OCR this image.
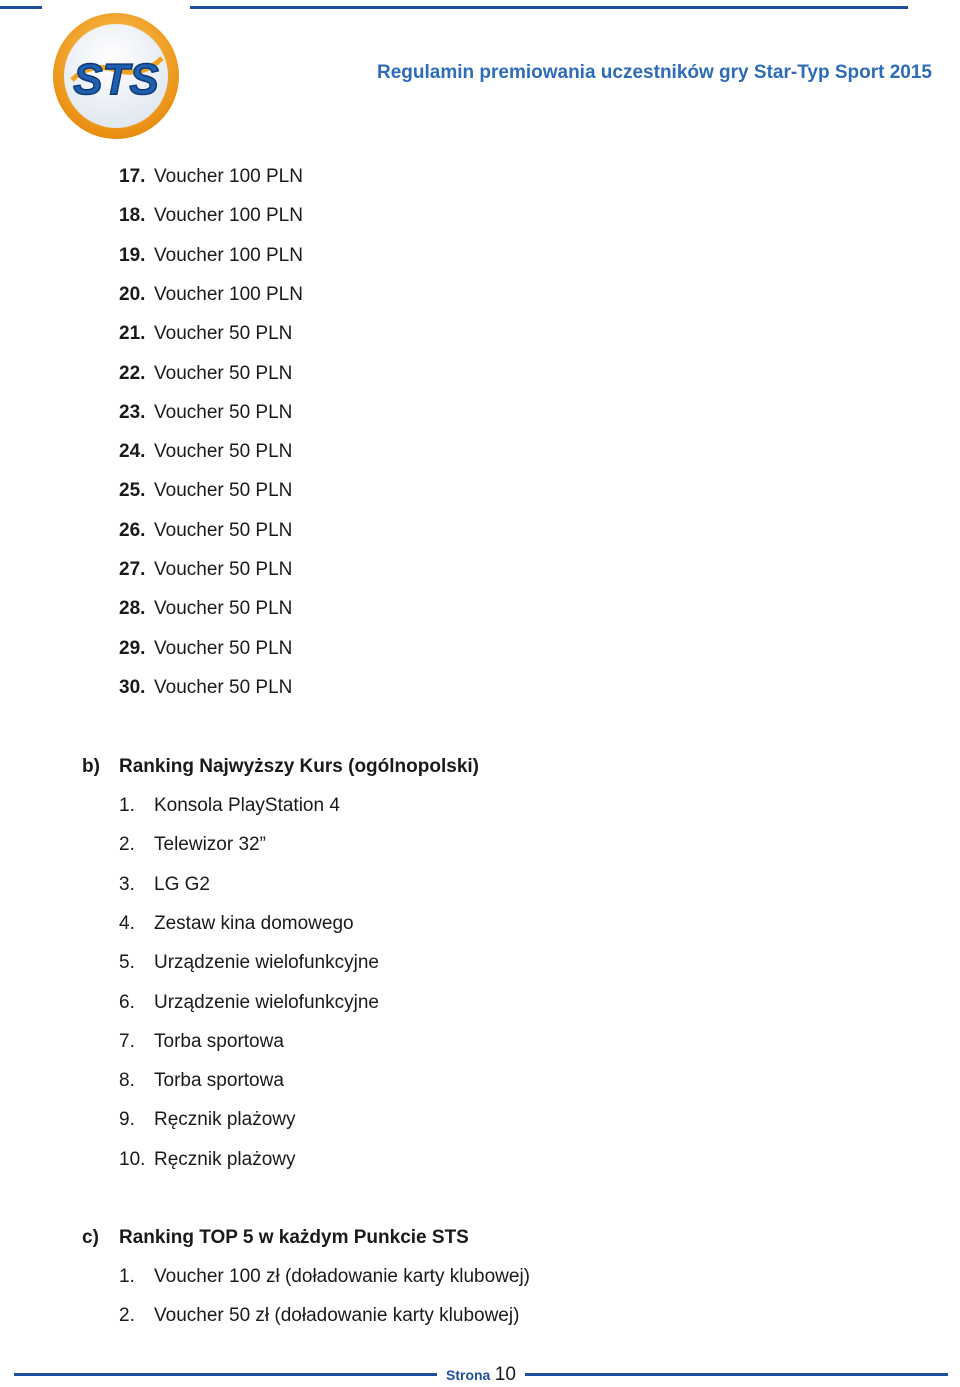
STS	Regulamin premiowania uczestników gry Star-Typ Sport 2015
17. Voucher 100 PLN
18. Voucher 100 PLN
19. Voucher 100 PLN
20. Voucher 100 PLN
21. Voucher 50 PLN
22. Voucher 50 PLN
23. Voucher 50 PLN
24. Voucher 50 PLN
25. Voucher 50 PLN
26. Voucher 50 PLN
27. Voucher 50 PLN
28. Voucher 50 PLN
29. Voucher 50 PLN
30. Voucher 50 PLN
b) Ranking Najwyższy Kurs (ogólnopolski)
1. Konsola PlayStation 4
2. Telewizor 32”
3. LG G2
4. Zestaw kina domowego
5. Urządzenie wielofunkcyjne
6. Urządzenie wielofunkcyjne
7. Torba sportowa
8. Torba sportowa
9. Ręcznik plażowy
10. Ręcznik plażowy
c) Ranking TOP 5 w każdym Punkcie STS
1. Voucher 100 zł (doładowanie karty klubowej)
2. Voucher 50 zł (doładowanie karty klubowej)
Strona 10
